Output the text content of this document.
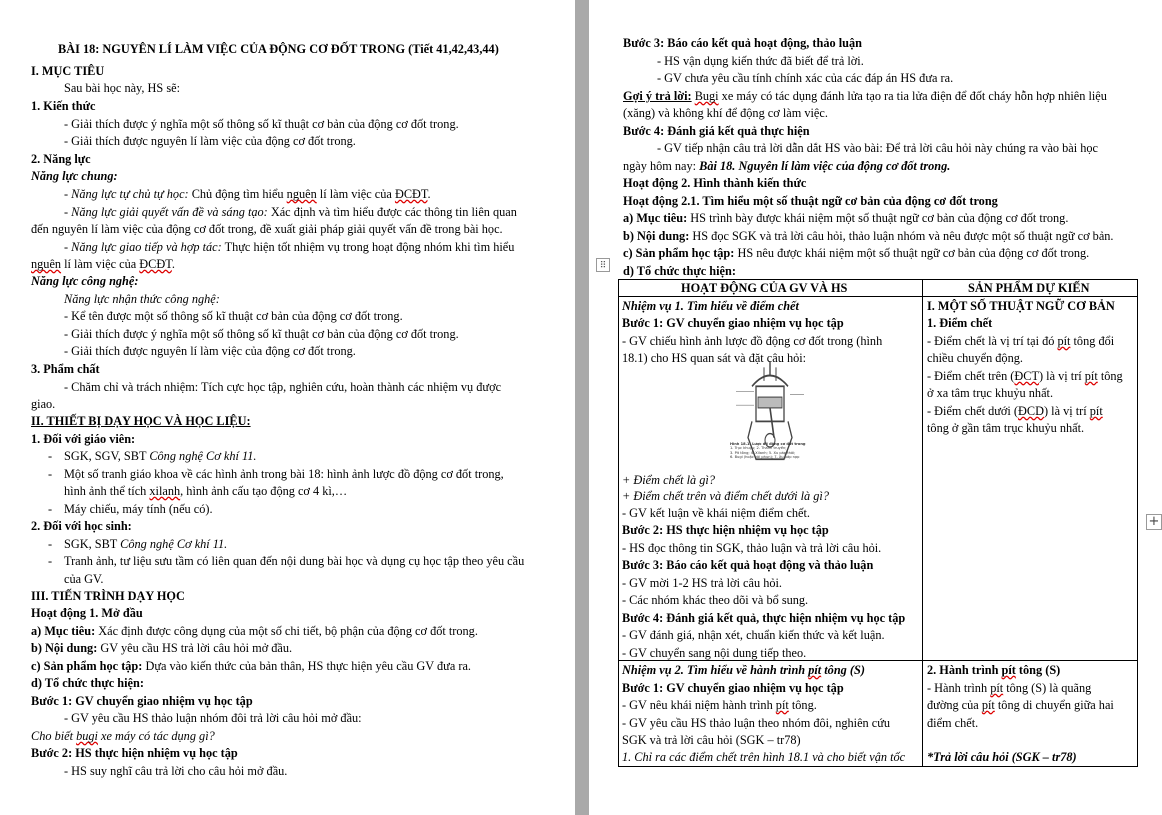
BÀI 18: NGUYÊN LÍ LÀM VIỆC CỦA ĐỘNG CƠ ĐỐT TRONG (Tiết 41,42,43,44)
I. MỤC TIÊU
Sau bài học này, HS sẽ:
1. Kiến thức
- Giải thích được ý nghĩa một số thông số kĩ thuật cơ bản của động cơ đốt trong.
- Giải thích được nguyên lí làm việc của động cơ đốt trong.
2. Năng lực
Năng lực chung:
- Năng lực tự chủ tự học: Chủ động tìm hiểu nguên lí làm việc của ĐCĐT.
- Năng lực giải quyết vấn đề và sáng tạo: Xác định và tìm hiểu được các thông tin liên quan
đến nguyên lí làm việc của động cơ đốt trong, đề xuất giải pháp giải quyết vấn đề trong bài học.
- Năng lực giao tiếp và hợp tác: Thực hiện tốt nhiệm vụ trong hoạt động nhóm khi tìm hiểu
nguên lí làm việc của ĐCĐT.
Năng lực công nghệ:
Năng lực nhận thức công nghệ:
- Kể tên được một số thông số kĩ thuật cơ bản của động cơ đốt trong.
- Giải thích được ý nghĩa một số thông số kĩ thuật cơ bản của động cơ đốt trong.
- Giải thích được nguyên lí làm việc của động cơ đốt trong.
3. Phẩm chất
- Chăm chỉ và trách nhiệm: Tích cực học tập, nghiên cứu, hoàn thành các nhiệm vụ được
giao.
II. THIẾT BỊ DẠY HỌC VÀ HỌC LIỆU:
1. Đối với giáo viên:
- SGK, SGV, SBT Công nghệ Cơ khí 11.
- Một số tranh giáo khoa về các hình ảnh trong bài 18: hình ảnh lược đồ động cơ đốt trong,
hình ảnh thể tích xilanh, hình ảnh cấu tạo động cơ 4 kì,…
- Máy chiếu, máy tính (nếu có).
2. Đối với học sinh:
- SGK, SBT Công nghệ Cơ khí 11.
- Tranh ảnh, tư liệu sưu tầm có liên quan đến nội dung bài học và dụng cụ học tập theo yêu cầu
của GV.
III. TIẾN TRÌNH DẠY HỌC
Hoạt động 1. Mở đầu
a) Mục tiêu: Xác định được công dụng của một số chi tiết, bộ phận của động cơ đốt trong.
b) Nội dung: GV yêu cầu HS trả lời câu hỏi mở đầu.
c) Sản phẩm học tập: Dựa vào kiến thức của bản thân, HS thực hiện yêu cầu GV đưa ra.
d) Tổ chức thực hiện:
Bước 1: GV chuyển giao nhiệm vụ học tập
- GV yêu cầu HS thảo luận nhóm đôi trả lời câu hỏi mở đầu:
Cho biết bugi xe máy có tác dụng gì?
Bước 2: HS thực hiện nhiệm vụ học tập
- HS suy nghĩ câu trả lời cho câu hỏi mở đầu.
Bước 3: Báo cáo kết quả hoạt động, thảo luận
- HS vận dụng kiến thức đã biết để trả lời.
- GV chưa yêu cầu tính chính xác của các đáp án HS đưa ra.
Gợi ý trả lời: Bugi xe máy có tác dụng đánh lửa tạo ra tia lửa điện để đốt cháy hỗn hợp nhiên liệu
(xăng) và không khí để động cơ làm việc.
Bước 4: Đánh giá kết quả thực hiện
- GV tiếp nhận câu trả lời dẫn dắt HS vào bài: Để trả lời câu hỏi này chúng ra vào bài học
ngày hôm nay: Bài 18. Nguyên lí làm việc của động cơ đốt trong.
Hoạt động 2. Hình thành kiến thức
Hoạt động 2.1. Tìm hiểu một số thuật ngữ cơ bản của động cơ đốt trong
a) Mục tiêu: HS trình bày được khái niệm một số thuật ngữ cơ bản của động cơ đốt trong.
b) Nội dung: HS đọc SGK và trả lời câu hỏi, thảo luận nhóm và nêu được một số thuật ngữ cơ bản.
c) Sản phẩm học tập: HS nêu được khái niệm một số thuật ngữ cơ bản của động cơ đốt trong.
d) Tổ chức thực hiện:
⠿
+
HOẠT ĐỘNG CỦA GV VÀ HS	SẢN PHẨM DỰ KIẾN
Nhiệm vụ 1. Tìm hiểu về điểm chết
Bước 1: GV chuyển giao nhiệm vụ học tập
- GV chiếu hình ảnh lược đồ động cơ đốt trong (hình
18.1) cho HS quan sát và đặt câu hỏi:
Hình 18.1. Lược đồ động cơ đốt trong
1. Trục khuỷu; 2. Thanh truyền;
3. Pit tông; 4. Xilanh; 5. Xu páp thải;
6. Bugi (hoặc vòi phun); 7. Xu páp nạp
+ Điểm chết là gì?
+ Điểm chết trên và điểm chết dưới là gì?
- GV kết luận về khái niệm điểm chết.
Bước 2: HS thực hiện nhiệm vụ học tập
- HS đọc thông tin SGK, thảo luận và trả lời câu hỏi.
Bước 3: Báo cáo kết quả hoạt động và thảo luận
- GV mời 1-2 HS trả lời câu hỏi.
- Các nhóm khác theo dõi và bổ sung.
Bước 4: Đánh giá kết quả, thực hiện nhiệm vụ học tập
- GV đánh giá, nhận xét, chuẩn kiến thức và kết luận.
- GV chuyển sang nội dung tiếp theo.
I. MỘT SỐ THUẬT NGỮ CƠ BẢN
1. Điểm chết
- Điểm chết là vị trí tại đó pít tông đổi
chiều chuyển động.
- Điểm chết trên (ĐCT) là vị trí pít tông
ở xa tâm trục khuỷu nhất.
- Điểm chết dưới (ĐCD) là vị trí pít
tông ở gần tâm trục khuỷu nhất.
Nhiệm vụ 2. Tìm hiểu về hành trình pít tông (S)
Bước 1: GV chuyển giao nhiệm vụ học tập
- GV nêu khái niệm hành trình pít tông.
- GV yêu cầu HS thảo luận theo nhóm đôi, nghiên cứu
SGK và trả lời câu hỏi (SGK – tr78)
1. Chỉ ra các điểm chết trên hình 18.1 và cho biết vận tốc
2. Hành trình pít tông (S)
- Hành trình pít tông (S) là quãng
đường của pít tông di chuyển giữa hai
điểm chết.
*Trả lời câu hỏi (SGK – tr78)
